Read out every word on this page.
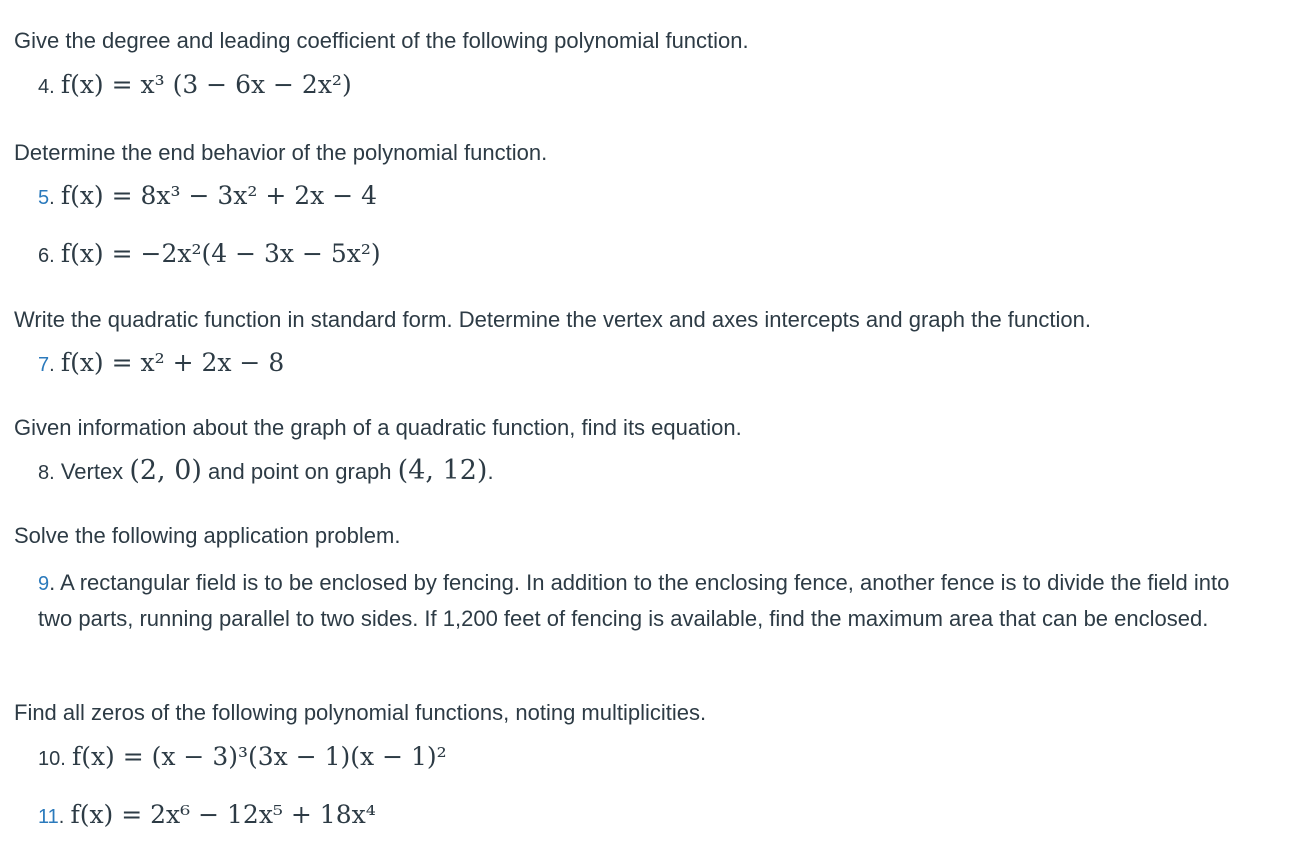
Give the degree and leading coefficient of the following polynomial function.
4. f(x) = x³ (3 − 6x − 2x²)
Determine the end behavior of the polynomial function.
5. f(x) = 8x³ − 3x² + 2x − 4
6. f(x) = −2x²(4 − 3x − 5x²)
Write the quadratic function in standard form. Determine the vertex and axes intercepts and graph the function.
7. f(x) = x² + 2x − 8
Given information about the graph of a quadratic function, find its equation.
8. Vertex (2, 0) and point on graph (4, 12).
Solve the following application problem.
9. A rectangular field is to be enclosed by fencing. In addition to the enclosing fence, another fence is to divide the field into two parts, running parallel to two sides. If 1,200 feet of fencing is available, find the maximum area that can be enclosed.
Find all zeros of the following polynomial functions, noting multiplicities.
10. f(x) = (x − 3)³(3x − 1)(x − 1)²
11. f(x) = 2x⁶ − 12x⁵ + 18x⁴
